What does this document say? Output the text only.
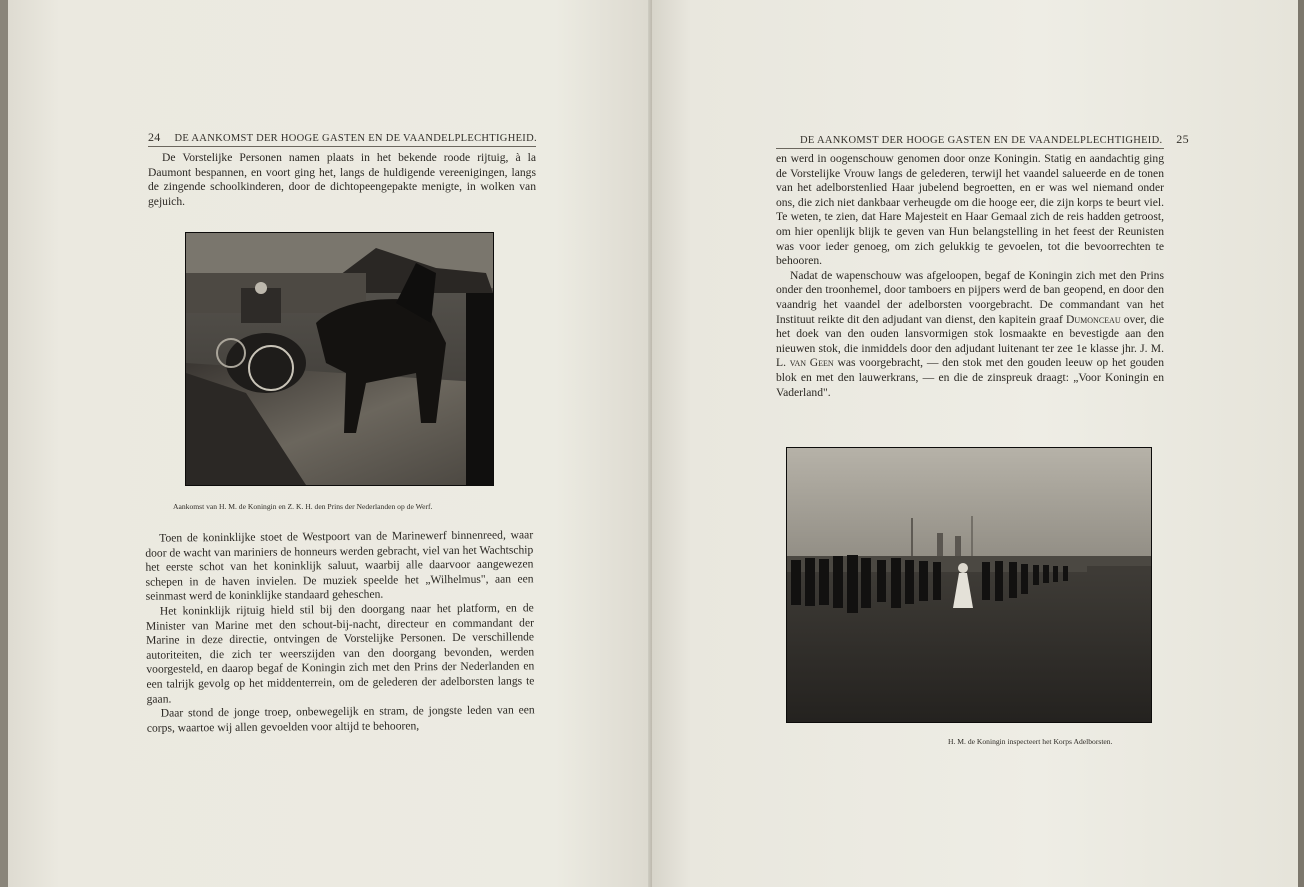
24 DE AANKOMST DER HOOGE GASTEN EN DE VAANDELPLECHTIGHEID.

De Vorstelijke Personen namen plaats in het bekende roode rijtuig, à la Daumont bespannen, en voort ging het, langs de huldigende vereenigingen, langs de zingende schoolkinderen, door de dichtopeengepakte menigte, in wolken van gejuich.

Aankomst van H. M. de Koningin en Z. K. H. den Prins der Nederlanden op de Werf.

Toen de koninklijke stoet de Westpoort van de Marinewerf binnenreed, waar door de wacht van mariniers de honneurs werden gebracht, viel van het Wachtschip het eerste schot van het koninklijk saluut, waarbij alle daarvoor aangewezen schepen in de haven invielen. De muziek speelde het „Wilhelmus", aan een seinmast werd de koninklijke standaard geheschen.

Het koninklijk rijtuig hield stil bij den doorgang naar het platform, en de Minister van Marine met den schout-bij-nacht, directeur en commandant der Marine in deze directie, ontvingen de Vorstelijke Personen. De verschillende autoriteiten, die zich ter weerszijden van den doorgang bevonden, werden voorgesteld, en daarop begaf de Koningin zich met den Prins der Nederlanden en een talrijk gevolg op het middenterrein, om de gelederen der adelborsten langs te gaan.

Daar stond de jonge troep, onbewegelijk en stram, de jongste leden van een corps, waartoe wij allen gevoelden voor altijd te behooren,

DE AANKOMST DER HOOGE GASTEN EN DE VAANDELPLECHTIGHEID. 25

en werd in oogenschouw genomen door onze Koningin. Statig en aandachtig ging de Vorstelijke Vrouw langs de gelederen, terwijl het vaandel salueerde en de tonen van het adelborstenlied Haar jubelend begroetten, en er was wel niemand onder ons, die zich niet dankbaar verheugde om die hooge eer, die zijn korps te beurt viel. Te weten, te zien, dat Hare Majesteit en Haar Gemaal zich de reis hadden getroost, om hier openlijk blijk te geven van Hun belangstelling in het feest der Reunisten was voor ieder genoeg, om zich gelukkig te gevoelen, tot die bevoorrechten te behooren.

Nadat de wapenschouw was afgeloopen, begaf de Koningin zich met den Prins onder den troonhemel, door tamboers en pijpers werd de ban geopend, en door den vaandrig het vaandel der adelborsten voorgebracht. De commandant van het Instituut reikte dit den adjudant van dienst, den kapitein graaf Dumonceau over, die het doek van den ouden lansvormigen stok losmaakte en bevestigde aan den nieuwen stok, die inmiddels door den adjudant luitenant ter zee 1e klasse jhr. J. M. L. van Geen was voorgebracht, — den stok met den gouden leeuw op het gouden blok en met den lauwerkrans, — en die de zinspreuk draagt: „Voor Koningin en Vaderland".

H. M. de Koningin inspecteert het Korps Adelborsten.
